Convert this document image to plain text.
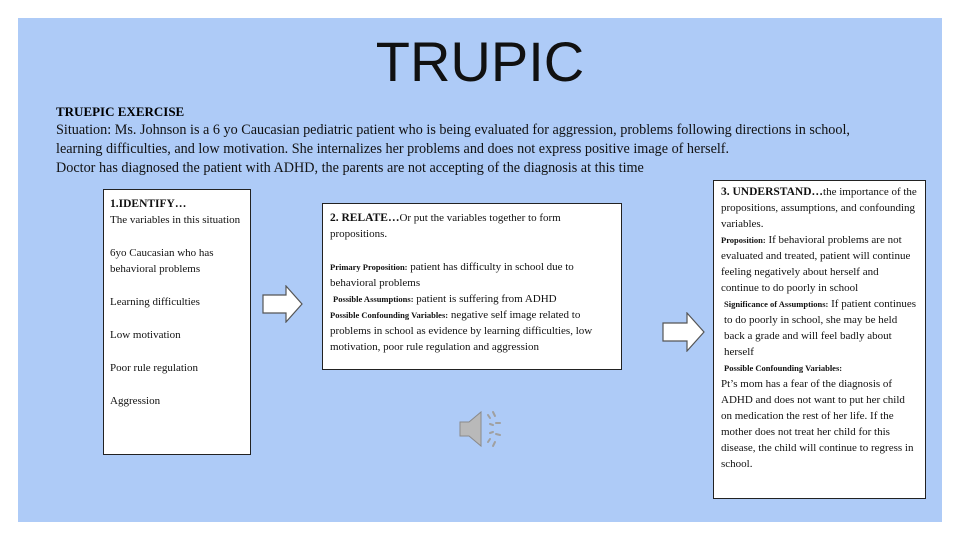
TRUPIC
TRUEPIC EXERCISE
Situation: Ms. Johnson is a 6 yo Caucasian pediatric patient who is being evaluated for aggression, problems following directions in school,
learning difficulties, and low motivation. She internalizes her problems and does not express positive image of herself.
Doctor has diagnosed the patient with ADHD, the parents are not accepting of the diagnosis at this time
1.IDENTIFY…

The variables in this situation

6yo Caucasian who has behavioral problems

Learning difficulties

Low motivation

Poor rule regulation

Aggression

2. RELATE…Or put the variables together to form propositions.

Primary Proposition: patient has difficulty in school due to behavioral problems

Possible Assumptions: patient is suffering from ADHD

Possible Confounding Variables: negative self image related to problems in school as evidence by learning difficulties, low motivation, poor rule regulation and aggression

3. UNDERSTAND…the importance of the propositions, assumptions, and confounding variables.

Proposition: If behavioral problems are not evaluated and treated, patient will continue feeling negatively about herself and continue to do poorly in school

Significance of Assumptions: If patient continues to do poorly in school, she may be held back a grade and will feel badly about herself

Possible Confounding Variables:

Pt’s mom has a fear of the diagnosis of ADHD and does not want to put her child on medication the rest of her life. If the mother does not treat her child for this disease, the child will continue to regress in school.
